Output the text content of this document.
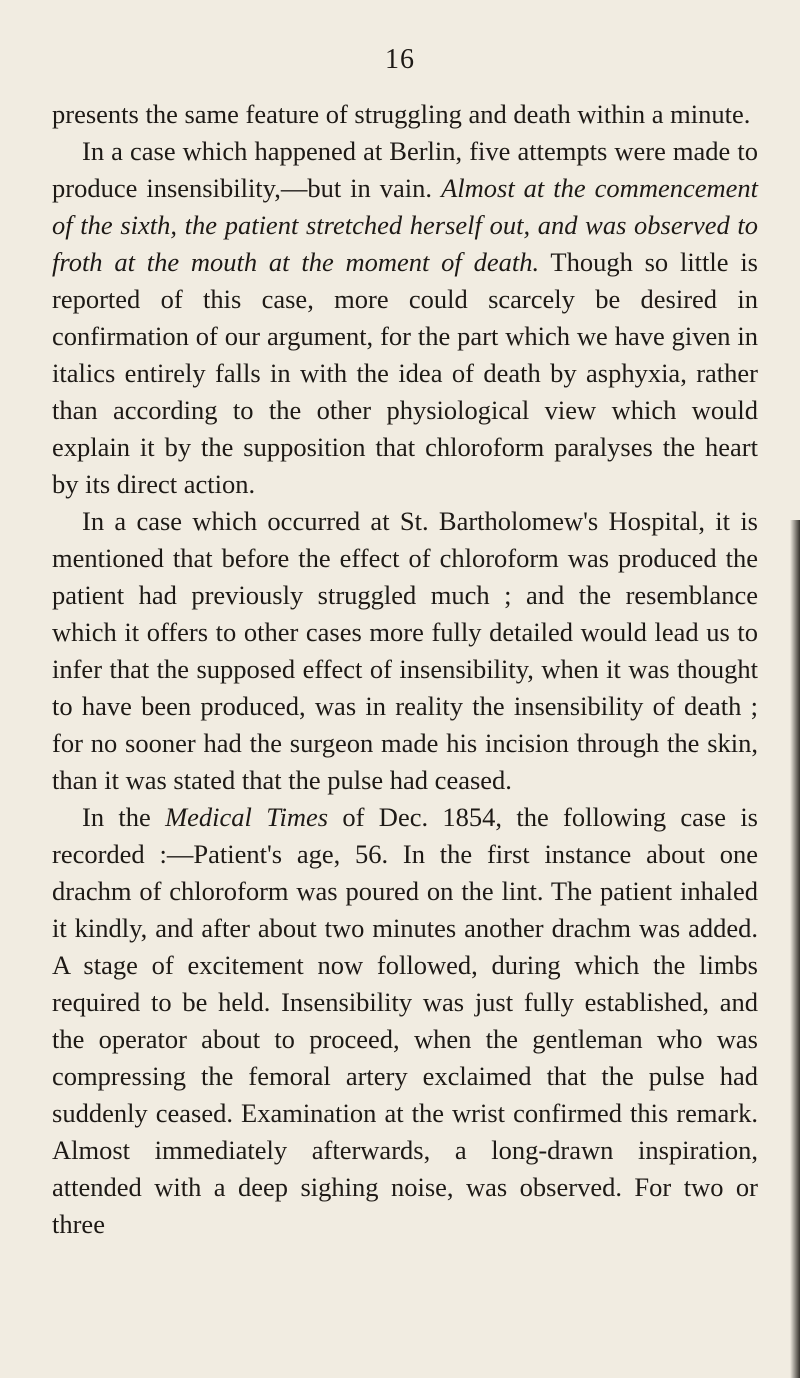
16

presents the same feature of struggling and death within a minute.

In a case which happened at Berlin, five attempts were made to produce insensibility,—but in vain. Almost at the commencement of the sixth, the patient stretched herself out, and was observed to froth at the mouth at the moment of death. Though so little is reported of this case, more could scarcely be desired in confirmation of our argument, for the part which we have given in italics entirely falls in with the idea of death by asphyxia, rather than according to the other physiological view which would explain it by the supposition that chloroform paralyses the heart by its direct action.

In a case which occurred at St. Bartholomew's Hospital, it is mentioned that before the effect of chloroform was produced the patient had previously struggled much ; and the resemblance which it offers to other cases more fully detailed would lead us to infer that the supposed effect of insensibility, when it was thought to have been produced, was in reality the insensibility of death ; for no sooner had the surgeon made his incision through the skin, than it was stated that the pulse had ceased.

In the Medical Times of Dec. 1854, the following case is recorded :—Patient's age, 56. In the first instance about one drachm of chloroform was poured on the lint. The patient inhaled it kindly, and after about two minutes another drachm was added. A stage of excitement now followed, during which the limbs required to be held. Insensibility was just fully established, and the operator about to proceed, when the gentleman who was compressing the femoral artery exclaimed that the pulse had suddenly ceased. Examination at the wrist confirmed this remark. Almost immediately afterwards, a long-drawn inspiration, attended with a deep sighing noise, was observed. For two or three
